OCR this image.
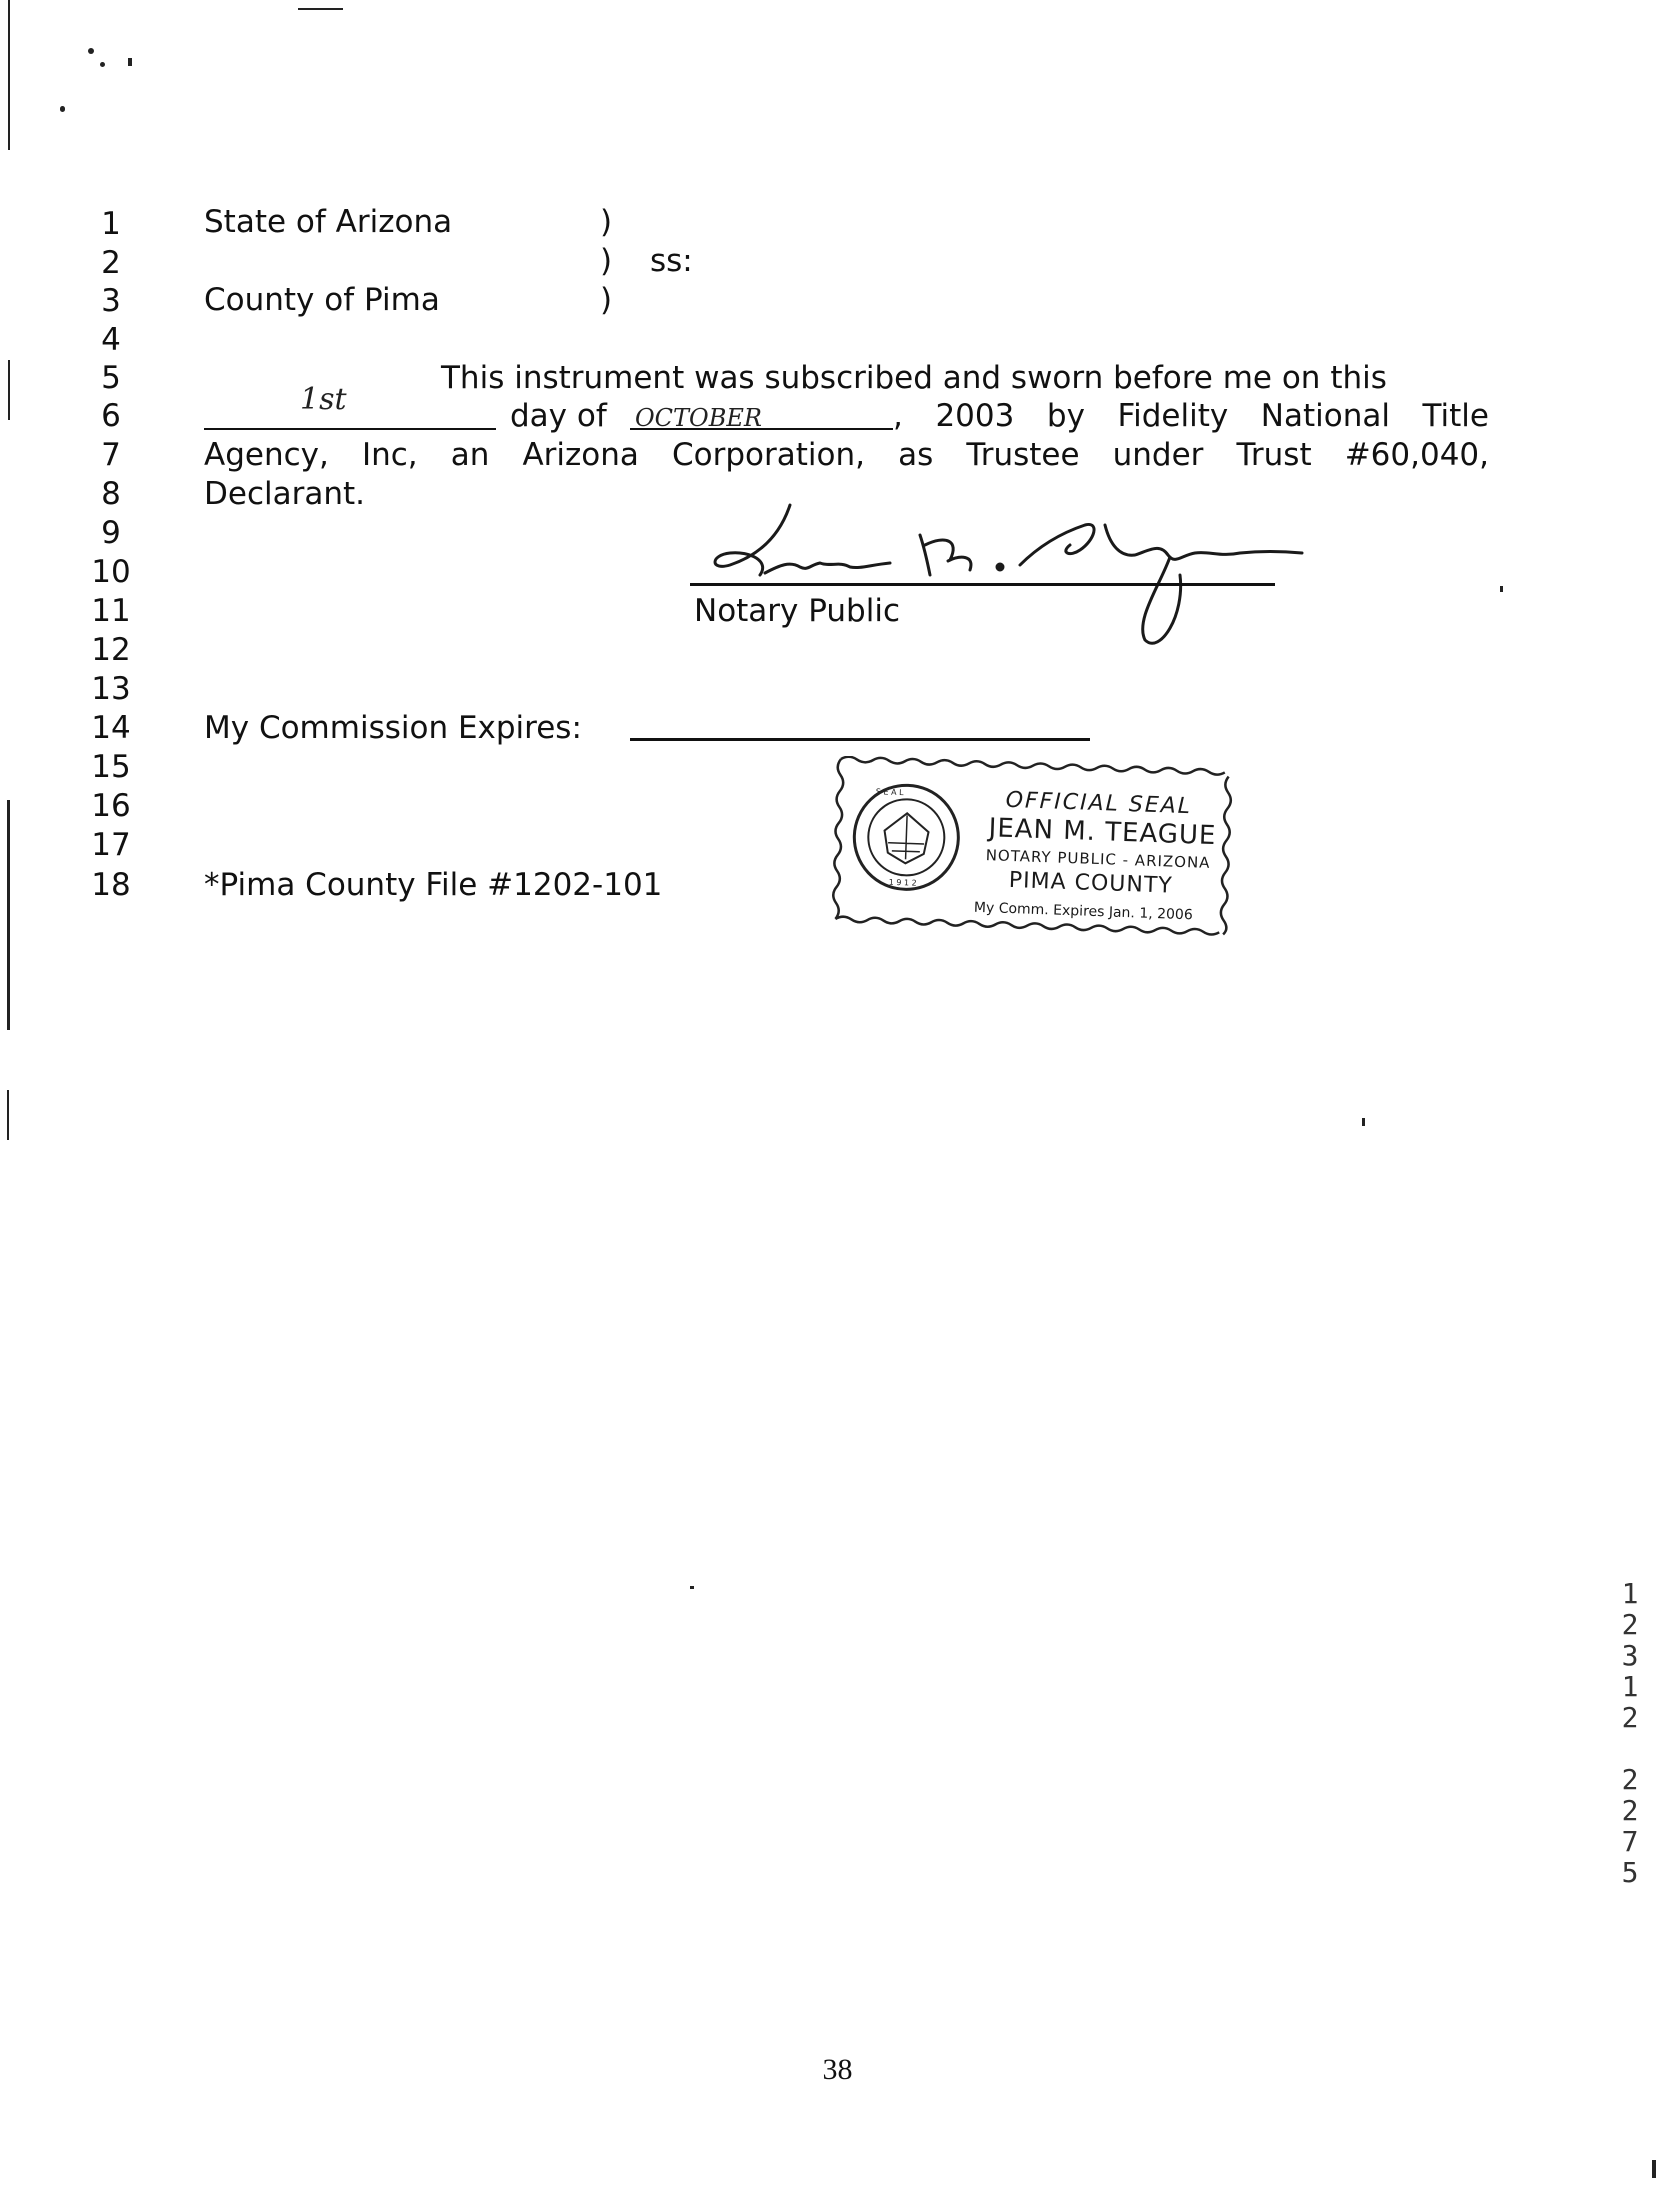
1
2
3
4
5
6
7
8
9
10
11
12
13
14
15
16
17
18
State of Arizona	)
) ss:
County of Pima	)
This instrument was subscribed and sworn before me on this
1st	day of OCTOBER	, 2003 by Fidelity National Title
Agency, Inc, an Arizona Corporation, as Trustee under Trust #60,040,
Declarant.
Notary Public
My Commission Expires:
*Pima County File #1202-101
S E A L
1 9 1 2
OFFICIAL SEAL
JEAN M. TEAGUE
NOTARY PUBLIC - ARIZONA
PIMA COUNTY
My Comm. Expires Jan. 1, 2006
1
2
3
1
2
2
2
7
5
38
